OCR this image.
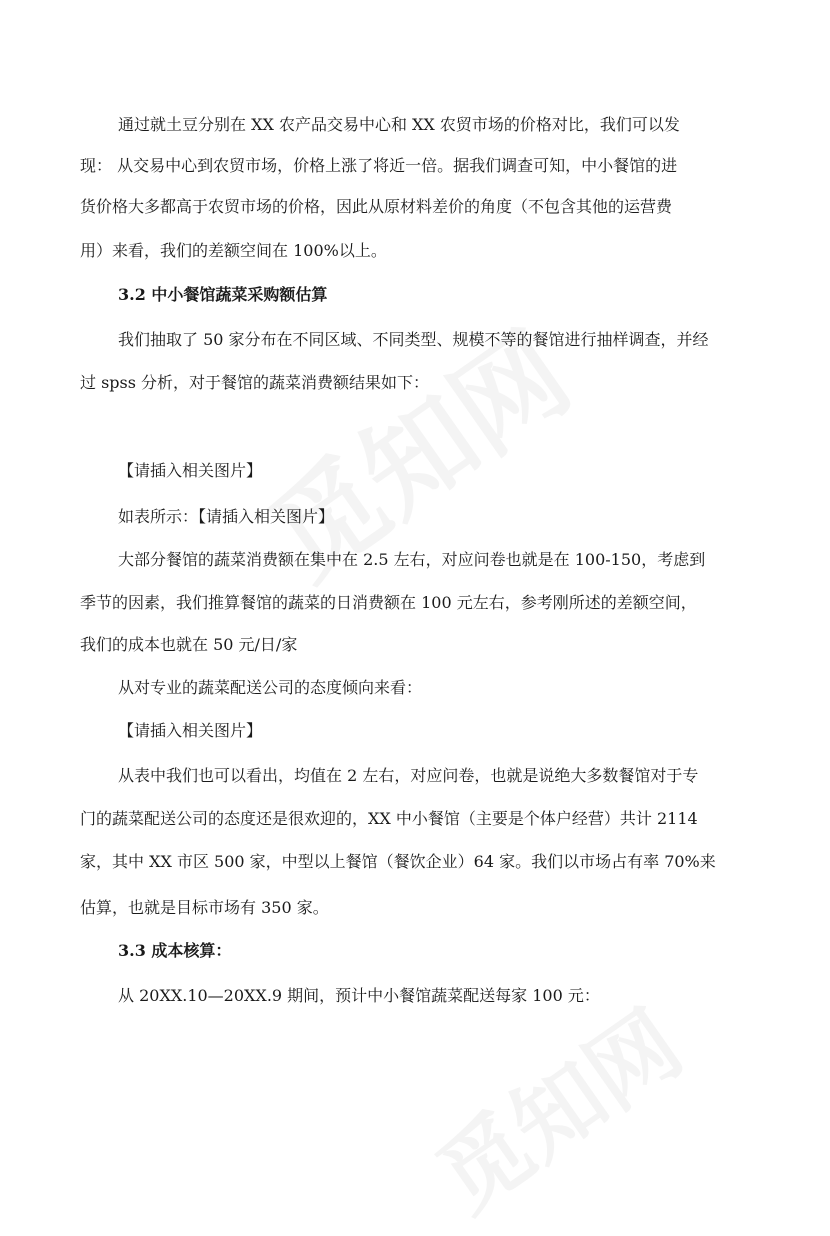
通过就土豆分别在 XX 农产品交易中心和 XX 农贸市场的价格对比，我们可以发

现： 从交易中心到农贸市场，价格上涨了将近一倍。据我们调查可知，中小餐馆的进

货价格大多都高于农贸市场的价格，因此从原材料差价的角度（不包含其他的运营费

用）来看，我们的差额空间在 100%以上。

3.2 中小餐馆蔬菜采购额估算

我们抽取了 50 家分布在不同区域、不同类型、规模不等的餐馆进行抽样调查，并经

过 spss 分析，对于餐馆的蔬菜消费额结果如下：

【请插入相关图片】

如表所示：【请插入相关图片】

大部分餐馆的蔬菜消费额在集中在 2.5 左右，对应问卷也就是在 100-150，考虑到

季节的因素，我们推算餐馆的蔬菜的日消费额在 100 元左右，参考刚所述的差额空间，

我们的成本也就在 50 元/日/家

从对专业的蔬菜配送公司的态度倾向来看：

【请插入相关图片】

从表中我们也可以看出，均值在 2 左右，对应问卷，也就是说绝大多数餐馆对于专

门的蔬菜配送公司的态度还是很欢迎的，XX 中小餐馆（主要是个体户经营）共计 2114

家，其中 XX 市区 500 家，中型以上餐馆（餐饮企业）64 家。我们以市场占有率 70%来

估算，也就是目标市场有 350 家。

3.3 成本核算：

从 20XX.10—20XX.9 期间，预计中小餐馆蔬菜配送每家 100 元：
